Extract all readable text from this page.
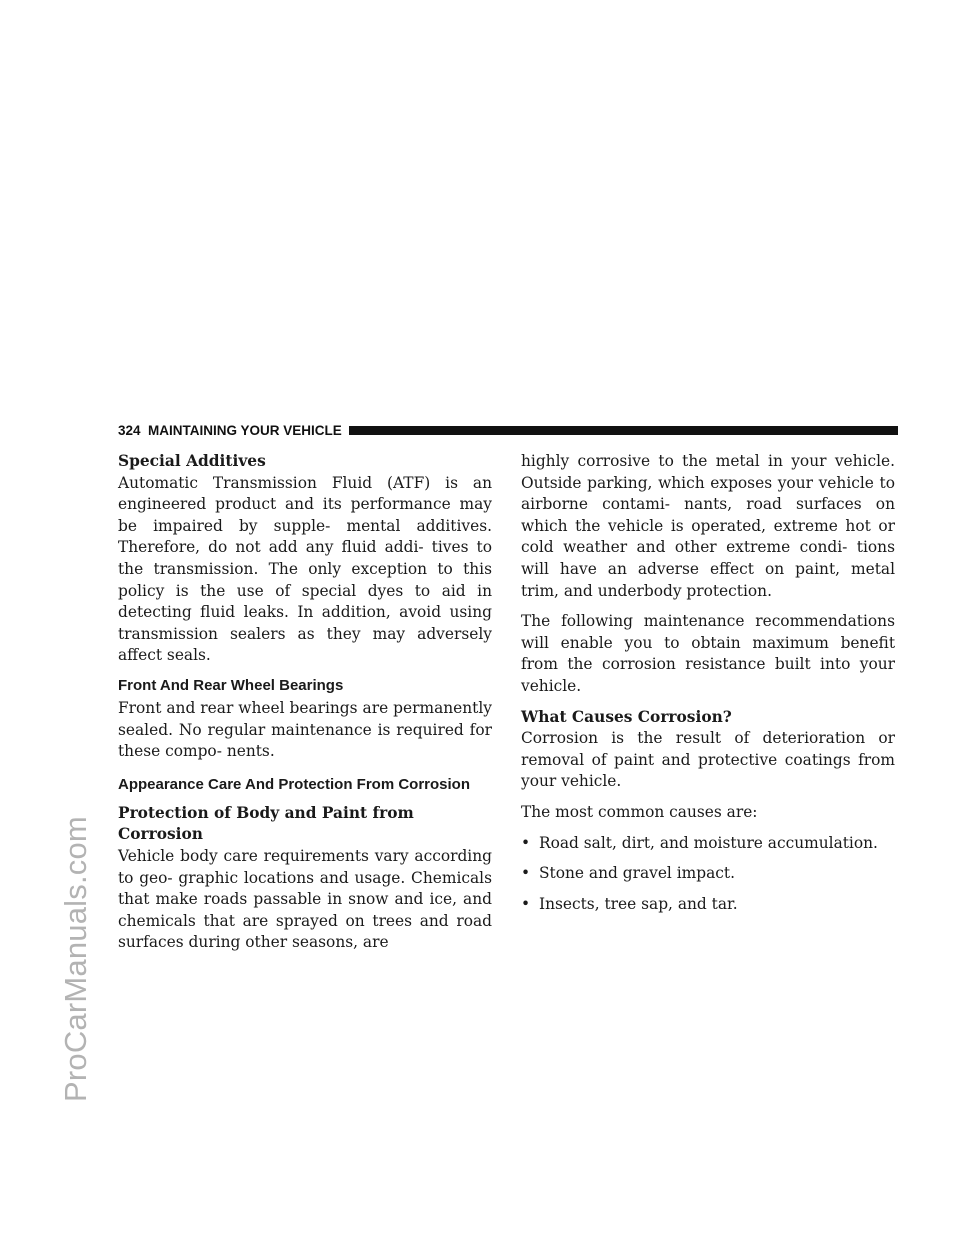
ProCarManuals.com
324 MAINTAINING YOUR VEHICLE
Special Additives

Automatic Transmission Fluid (ATF) is an engineered product and its performance may be impaired by supple- mental additives. Therefore, do not add any fluid addi- tives to the transmission. The only exception to this policy is the use of special dyes to aid in detecting fluid leaks. In addition, avoid using transmission sealers as they may adversely affect seals.

Front And Rear Wheel Bearings

Front and rear wheel bearings are permanently sealed. No regular maintenance is required for these compo- nents.

Appearance Care And Protection From Corrosion
Protection of Body and Paint from Corrosion

Vehicle body care requirements vary according to geo- graphic locations and usage. Chemicals that make roads passable in snow and ice, and chemicals that are sprayed on trees and road surfaces during other seasons, are

highly corrosive to the metal in your vehicle. Outside parking, which exposes your vehicle to airborne contami- nants, road surfaces on which the vehicle is operated, extreme hot or cold weather and other extreme condi- tions will have an adverse effect on paint, metal trim, and underbody protection.

The following maintenance recommendations will enable you to obtain maximum benefit from the corrosion resistance built into your vehicle.

What Causes Corrosion?

Corrosion is the result of deterioration or removal of paint and protective coatings from your vehicle.

The most common causes are:

• Road salt, dirt, and moisture accumulation.
• Stone and gravel impact.
• Insects, tree sap, and tar.
